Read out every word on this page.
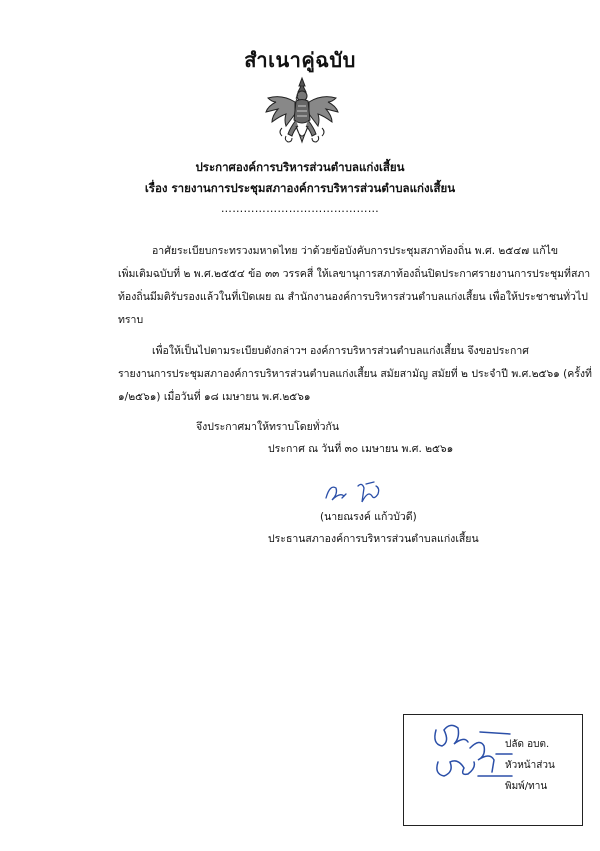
สำเนาคู่ฉบับ
ประกาศองค์การบริหารส่วนตำบลแก่งเสี้ยน
เรื่อง รายงานการประชุมสภาองค์การบริหารส่วนตำบลแก่งเสี้ยน
……………………………………
อาศัยระเบียบกระทรวงมหาดไทย ว่าด้วยข้อบังคับการประชุมสภาท้องถิ่น พ.ศ. ๒๕๔๗ แก้ไข
เพิ่มเติมฉบับที่ ๒ พ.ศ.๒๕๕๔ ข้อ ๓๓ วรรคสี่ ให้เลขานุการสภาท้องถิ่นปิดประกาศรายงานการประชุมที่สภา
ท้องถิ่นมีมติรับรองแล้วในที่เปิดเผย ณ สำนักงานองค์การบริหารส่วนตำบลแก่งเสี้ยน เพื่อให้ประชาชนทั่วไป
ทราบ
เพื่อให้เป็นไปตามระเบียบดังกล่าวฯ องค์การบริหารส่วนตำบลแก่งเสี้ยน จึงขอประกาศ
รายงานการประชุมสภาองค์การบริหารส่วนตำบลแก่งเสี้ยน สมัยสามัญ สมัยที่ ๒ ประจำปี พ.ศ.๒๕๖๑ (ครั้งที่
๑/๒๕๖๑) เมื่อวันที่ ๑๘ เมษายน พ.ศ.๒๕๖๑
จึงประกาศมาให้ทราบโดยทั่วกัน
ประกาศ ณ วันที่ ๓๐ เมษายน พ.ศ. ๒๕๖๑
(นายณรงค์ แก้วบัวดี)
ประธานสภาองค์การบริหารส่วนตำบลแก่งเสี้ยน
ปลัด อบต.
หัวหน้าส่วน
พิมพ์/ทาน
